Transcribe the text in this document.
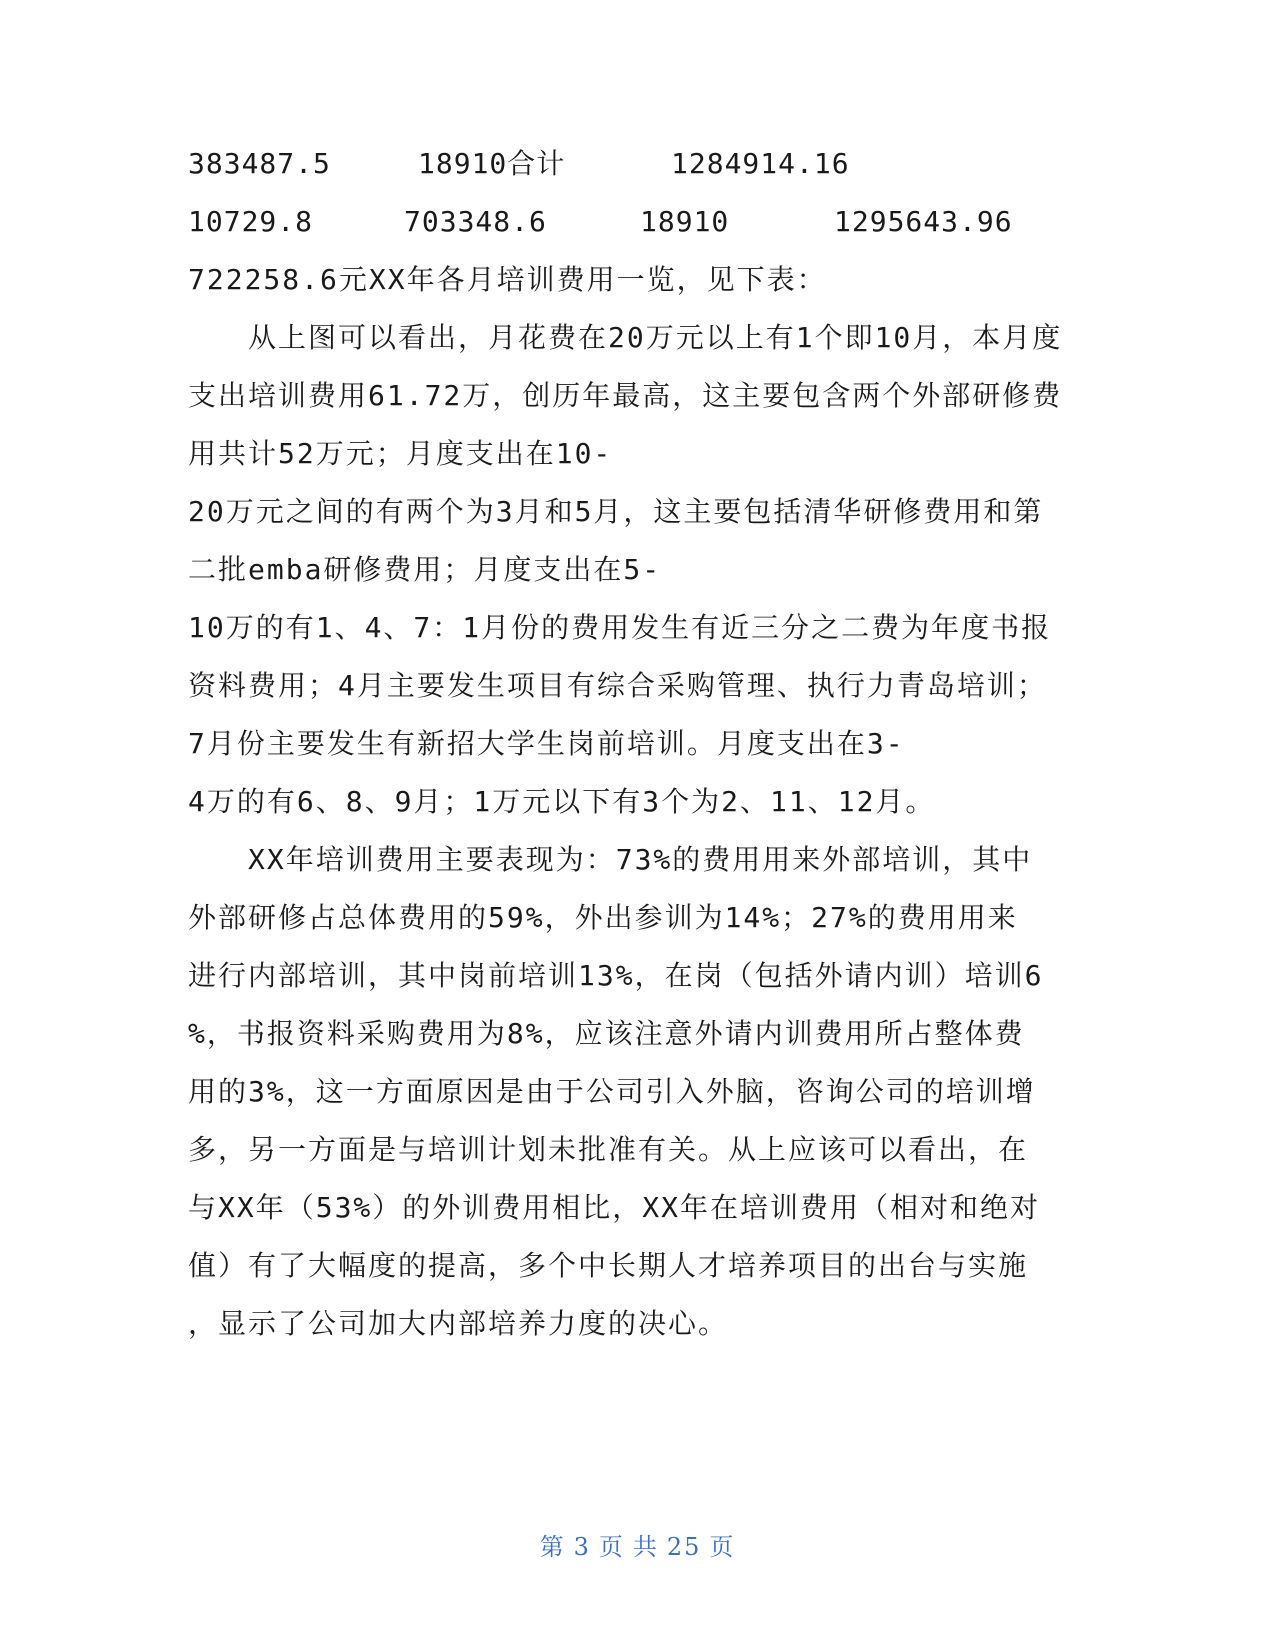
383487.5	18910合计	1284914.16
10729.8	703348.6	18910	1295643.96
722258.6元XX年各月培训费用一览，见下表：
从上图可以看出，月花费在20万元以上有1个即10月，本月度
支出培训费用61.72万，创历年最高，这主要包含两个外部研修费
用共计52万元；月度支出在10-
20万元之间的有两个为3月和5月，这主要包括清华研修费用和第
二批emba研修费用；月度支出在5-
10万的有1、4、7：1月份的费用发生有近三分之二费为年度书报
资料费用；4月主要发生项目有综合采购管理、执行力青岛培训；
7月份主要发生有新招大学生岗前培训。月度支出在3-
4万的有6、8、9月；1万元以下有3个为2、11、12月。
XX年培训费用主要表现为：73%的费用用来外部培训，其中
外部研修占总体费用的59%，外出参训为14%；27%的费用用来
进行内部培训，其中岗前培训13%，在岗（包括外请内训）培训6
%，书报资料采购费用为8%，应该注意外请内训费用所占整体费
用的3%，这一方面原因是由于公司引入外脑，咨询公司的培训增
多，另一方面是与培训计划未批准有关。从上应该可以看出，在
与XX年（53%）的外训费用相比，XX年在培训费用（相对和绝对
值）有了大幅度的提高，多个中长期人才培养项目的出台与实施
，显示了公司加大内部培养力度的决心。
第 3 页 共 25 页
